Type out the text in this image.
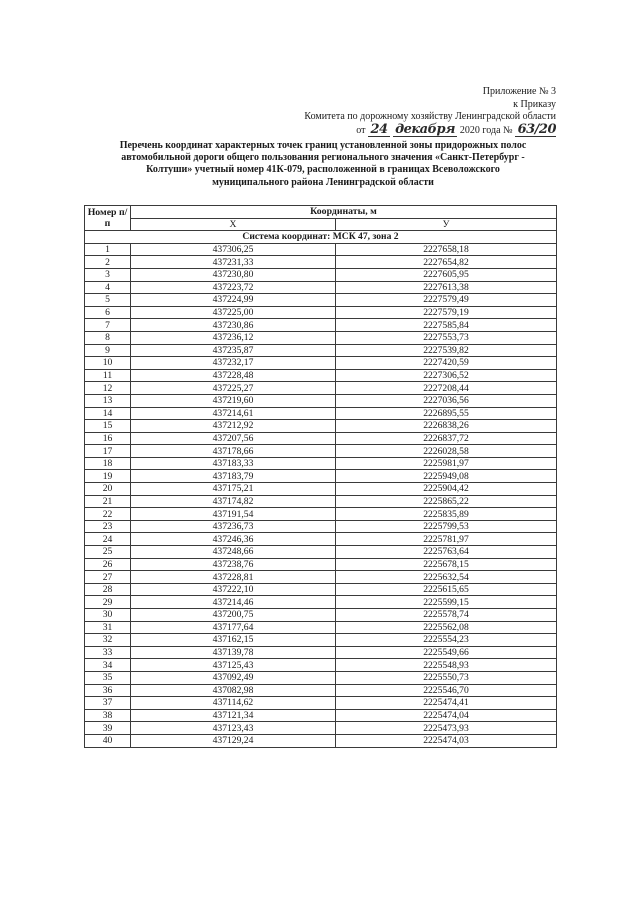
Приложение № 3
к Приказу
Комитета по дорожному хозяйству Ленинградской области
от 24 декабря 2020 года № 63/20
Перечень координат характерных точек границ установленной зоны придорожных полос
автомобильной дороги общего пользования регионального значения «Санкт-Петербург -
Колтуши» учетный номер 41К-079, расположенной в границах Всеволожского
муниципального района Ленинградской области
Номер п/п	Координаты, м	
	X	У
Система координат: МСК 47, зона 2		
1	437306,25	2227658,18
2	437231,33	2227654,82
3	437230,80	2227605,95
4	437223,72	2227613,38
5	437224,99	2227579,49
6	437225,00	2227579,19
7	437230,86	2227585,84
8	437236,12	2227553,73
9	437235,87	2227539,82
10	437232,17	2227420,59
11	437228,48	2227306,52
12	437225,27	2227208,44
13	437219,60	2227036,56
14	437214,61	2226895,55
15	437212,92	2226838,26
16	437207,56	2226837,72
17	437178,66	2226028,58
18	437183,33	2225981,97
19	437183,79	2225949,08
20	437175,21	2225904,42
21	437174,82	2225865,22
22	437191,54	2225835,89
23	437236,73	2225799,53
24	437246,36	2225781,97
25	437248,66	2225763,64
26	437238,76	2225678,15
27	437228,81	2225632,54
28	437222,10	2225615,65
29	437214,46	2225599,15
30	437200,75	2225578,74
31	437177,64	2225562,08
32	437162,15	2225554,23
33	437139,78	2225549,66
34	437125,43	2225548,93
35	437092,49	2225550,73
36	437082,98	2225546,70
37	437114,62	2225474,41
38	437121,34	2225474,04
39	437123,43	2225473,93
40	437129,24	2225474,03
